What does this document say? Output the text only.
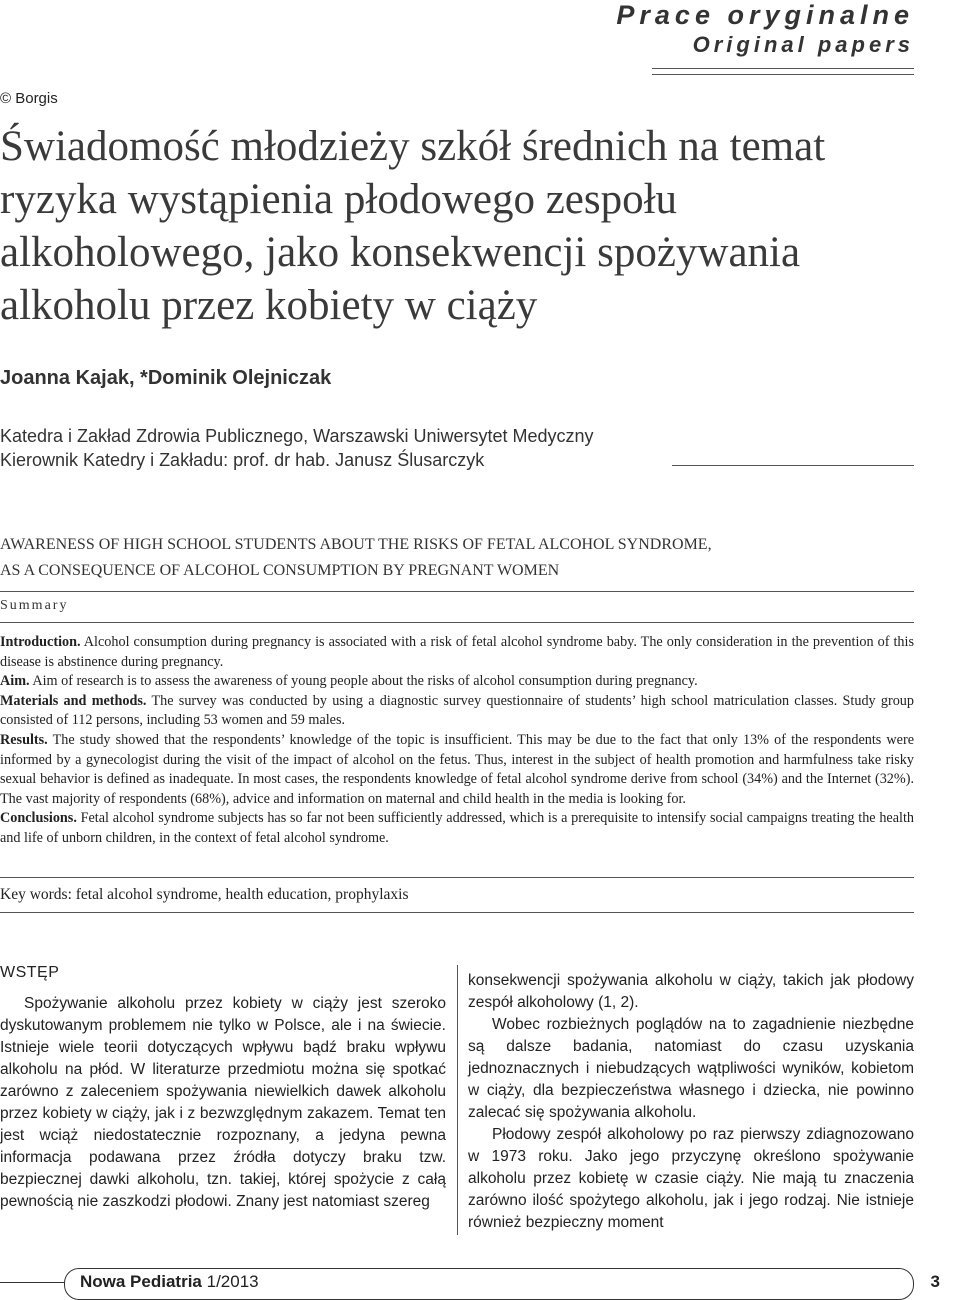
Prace oryginalne
Original papers
© Borgis
Świadomość młodzieży szkół średnich na temat
ryzyka wystąpienia płodowego zespołu
alkoholowego, jako konsekwencji spożywania
alkoholu przez kobiety w ciąży
Joanna Kajak, *Dominik Olejniczak
Katedra i Zakład Zdrowia Publicznego, Warszawski Uniwersytet Medyczny
Kierownik Katedry i Zakładu: prof. dr hab. Janusz Ślusarczyk
AWARENESS OF HIGH SCHOOL STUDENTS ABOUT THE RISKS OF FETAL ALCOHOL SYNDROME,
AS A CONSEQUENCE OF ALCOHOL CONSUMPTION BY PREGNANT WOMEN
Summary

Introduction. Alcohol consumption during pregnancy is associated with a risk of fetal alcohol syndrome baby. The only consideration in the prevention of this disease is abstinence during pregnancy.

Aim. Aim of research is to assess the awareness of young people about the risks of alcohol consumption during pregnancy.

Materials and methods. The survey was conducted by using a diagnostic survey questionnaire of students’ high school matriculation classes. Study group consisted of 112 persons, including 53 women and 59 males.

Results. The study showed that the respondents’ knowledge of the topic is insufficient. This may be due to the fact that only 13% of the respondents were informed by a gynecologist during the visit of the impact of alcohol on the fetus. Thus, interest in the subject of health promotion and harmfulness take risky sexual behavior is defined as inadequate. In most cases, the respondents knowledge of fetal alcohol syndrome derive from school (34%) and the Internet (32%). The vast majority of respondents (68%), advice and information on maternal and child health in the media is looking for.

Conclusions. Fetal alcohol syndrome subjects has so far not been sufficiently addressed, which is a prerequisite to intensify social campaigns treating the health and life of unborn children, in the context of fetal alcohol syndrome.

Key words: fetal alcohol syndrome, health education, prophylaxis

WSTĘP

Spożywanie alkoholu przez kobiety w ciąży jest szeroko dyskutowanym problemem nie tylko w Polsce, ale i na świecie. Istnieje wiele teorii dotyczących wpływu bądź braku wpływu alkoholu na płód. W literaturze przedmiotu można się spotkać zarówno z zaleceniem spożywania niewielkich dawek alkoholu przez kobiety w ciąży, jak i z bezwzględnym zakazem. Temat ten jest wciąż niedostatecznie rozpoznany, a jedyna pewna informacja podawana przez źródła dotyczy braku tzw. bezpiecznej dawki alkoholu, tzn. takiej, której spożycie z całą pewnością nie zaszkodzi płodowi. Znany jest natomiast szereg

konsekwencji spożywania alkoholu w ciąży, takich jak płodowy zespół alkoholowy (1, 2).

Wobec rozbieżnych poglądów na to zagadnienie niezbędne są dalsze badania, natomiast do czasu uzyskania jednoznacznych i niebudzących wątpliwości wyników, kobietom w ciąży, dla bezpieczeństwa własnego i dziecka, nie powinno zalecać się spożywania alkoholu.

Płodowy zespół alkoholowy po raz pierwszy zdiagnozowano w 1973 roku. Jako jego przyczynę określono spożywanie alkoholu przez kobietę w czasie ciąży. Nie mają tu znaczenia zarówno ilość spożytego alkoholu, jak i jego rodzaj. Nie istnieje również bezpieczny moment

Nowa Pediatria 1/2013	3
